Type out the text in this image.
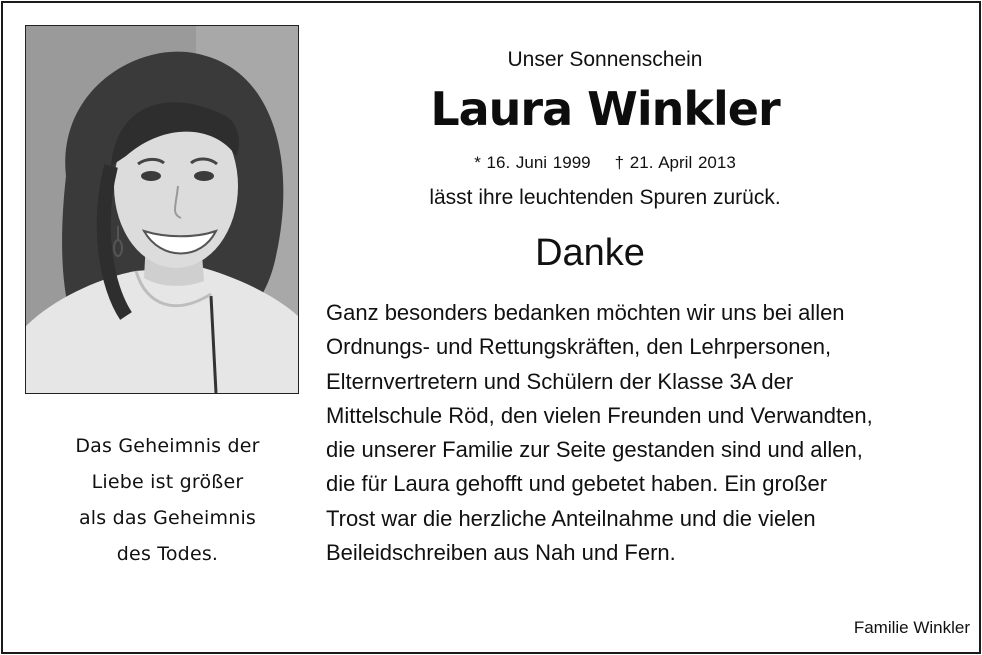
Das Geheimnis der
Liebe ist größer
als das Geheimnis
des Todes.
Unser Sonnenschein
Laura Winkler
* 16. Juni 1999 † 21. April 2013
lässt ihre leuchtenden Spuren zurück.
Danke
Ganz besonders bedanken möchten wir uns bei allen
Ordnungs- und Rettungskräften, den Lehrpersonen,
Elternvertretern und Schülern der Klasse 3A der
Mittelschule Röd, den vielen Freunden und Verwandten,
die unserer Familie zur Seite gestanden sind und allen,
die für Laura gehofft und gebetet haben. Ein großer
Trost war die herzliche Anteilnahme und die vielen
Beileidschreiben aus Nah und Fern.
Familie Winkler
